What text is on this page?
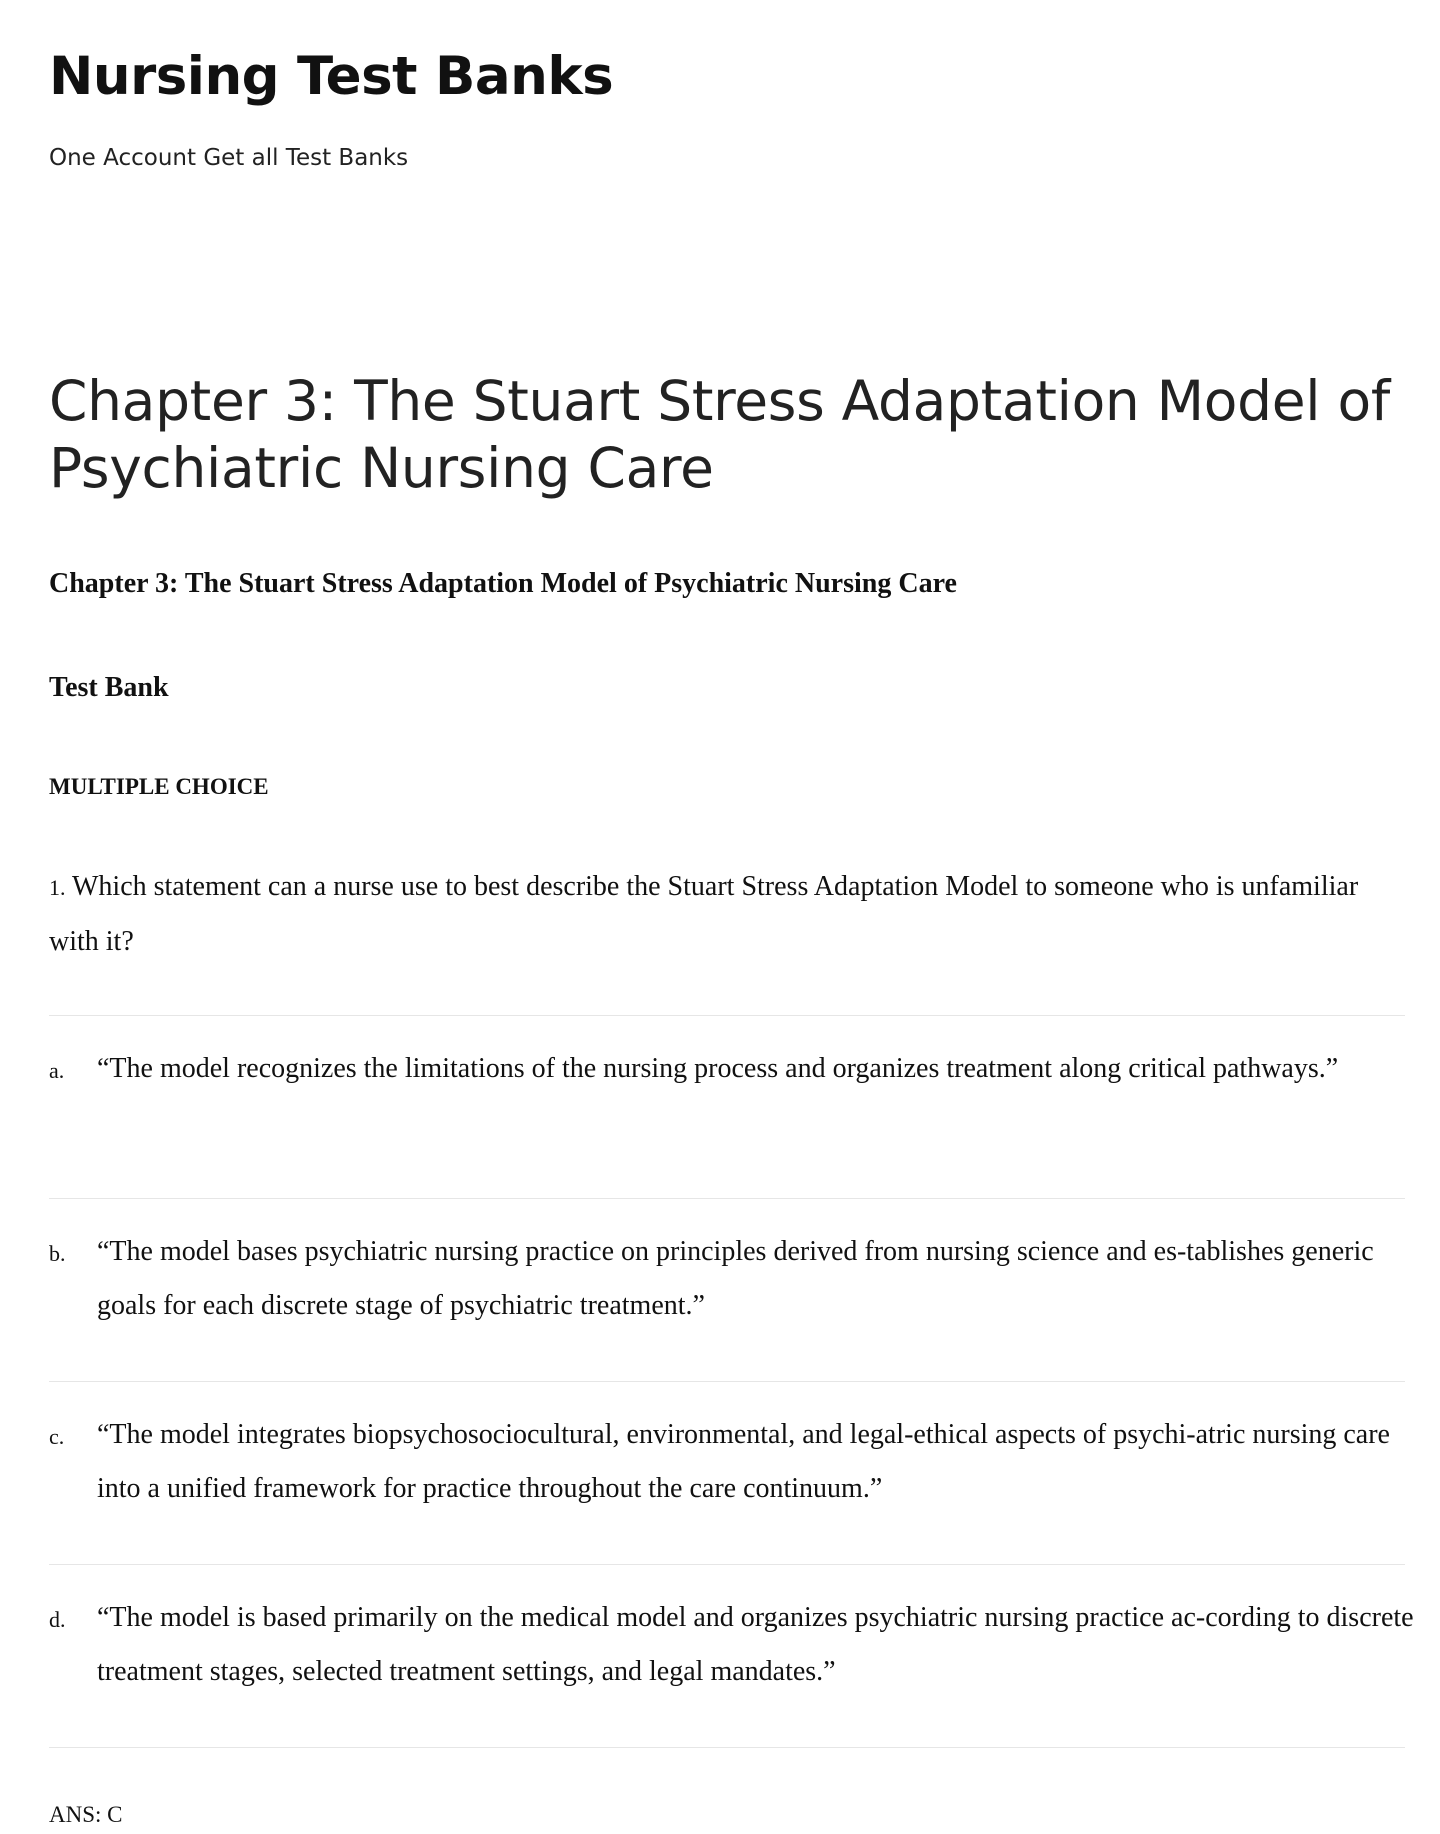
Nursing Test Banks

One Account Get all Test Banks

Chapter 3: The Stuart Stress Adaptation Model of Psychiatric Nursing Care
Chapter 3: The Stuart Stress Adaptation Model of Psychiatric Nursing Care

Test Bank

MULTIPLE CHOICE

1. Which statement can a nurse use to best describe the Stuart Stress Adaptation Model to someone who is unfamiliar with it?

a. “The model recognizes the limitations of the nursing process and organizes treatment along critical pathways.”
b. “The model bases psychiatric nursing practice on principles derived from nursing science and es-tablishes generic goals for each discrete stage of psychiatric treatment.”
c. “The model integrates biopsychosociocultural, environmental, and legal-ethical aspects of psychi-atric nursing care into a unified framework for practice throughout the care continuum.”
d. “The model is based primarily on the medical model and organizes psychiatric nursing practice ac-cording to discrete treatment stages, selected treatment settings, and legal mandates.”

ANS: C
